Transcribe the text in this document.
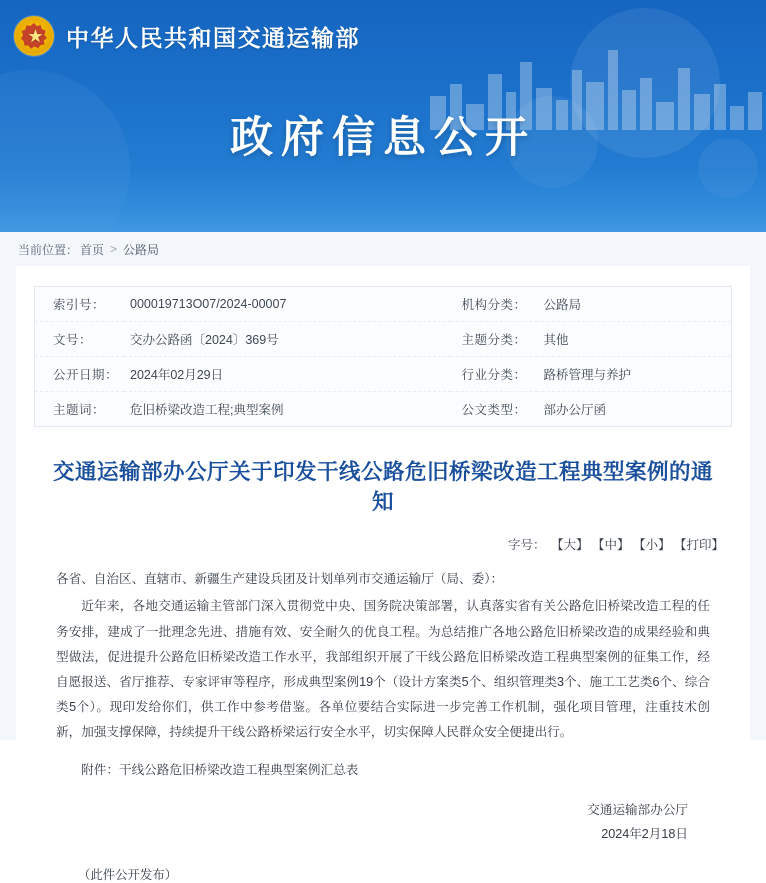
★ 中华人民共和国交通运输部
政府信息公开
当前位置： 首页 > 公路局
索引号：	000019713O07/2024-00007	机构分类：	公路局
文号：	交办公路函〔2024〕369号	主题分类：	其他
公开日期：	2024年02月29日	行业分类：	路桥管理与养护
主题词：	危旧桥梁改造工程;典型案例	公文类型：	部办公厅函
交通运输部办公厅关于印发干线公路危旧桥梁改造工程典型案例的通知
字号： 【大】 【中】 【小】 【打印】

各省、自治区、直辖市、新疆生产建设兵团及计划单列市交通运输厅（局、委）：

近年来，各地交通运输主管部门深入贯彻党中央、国务院决策部署，认真落实省有关公路危旧桥梁改造工程的任务安排，建成了一批理念先进、措施有效、安全耐久的优良工程。为总结推广各地公路危旧桥梁改造的成果经验和典型做法，促进提升公路危旧桥梁改造工作水平，我部组织开展了干线公路危旧桥梁改造工程典型案例的征集工作，经自愿报送、省厅推荐、专家评审等程序，形成典型案例19个（设计方案类5个、组织管理类3个、施工工艺类6个、综合类5个）。现印发给你们，供工作中参考借鉴。各单位要结合实际进一步完善工作机制，强化项目管理，注重技术创新，加强支撑保障，持续提升干线公路桥梁运行安全水平，切实保障人民群众安全便捷出行。

附件：干线公路危旧桥梁改造工程典型案例汇总表

交通运输部办公厅
2024年2月18日
（此件公开发布）
